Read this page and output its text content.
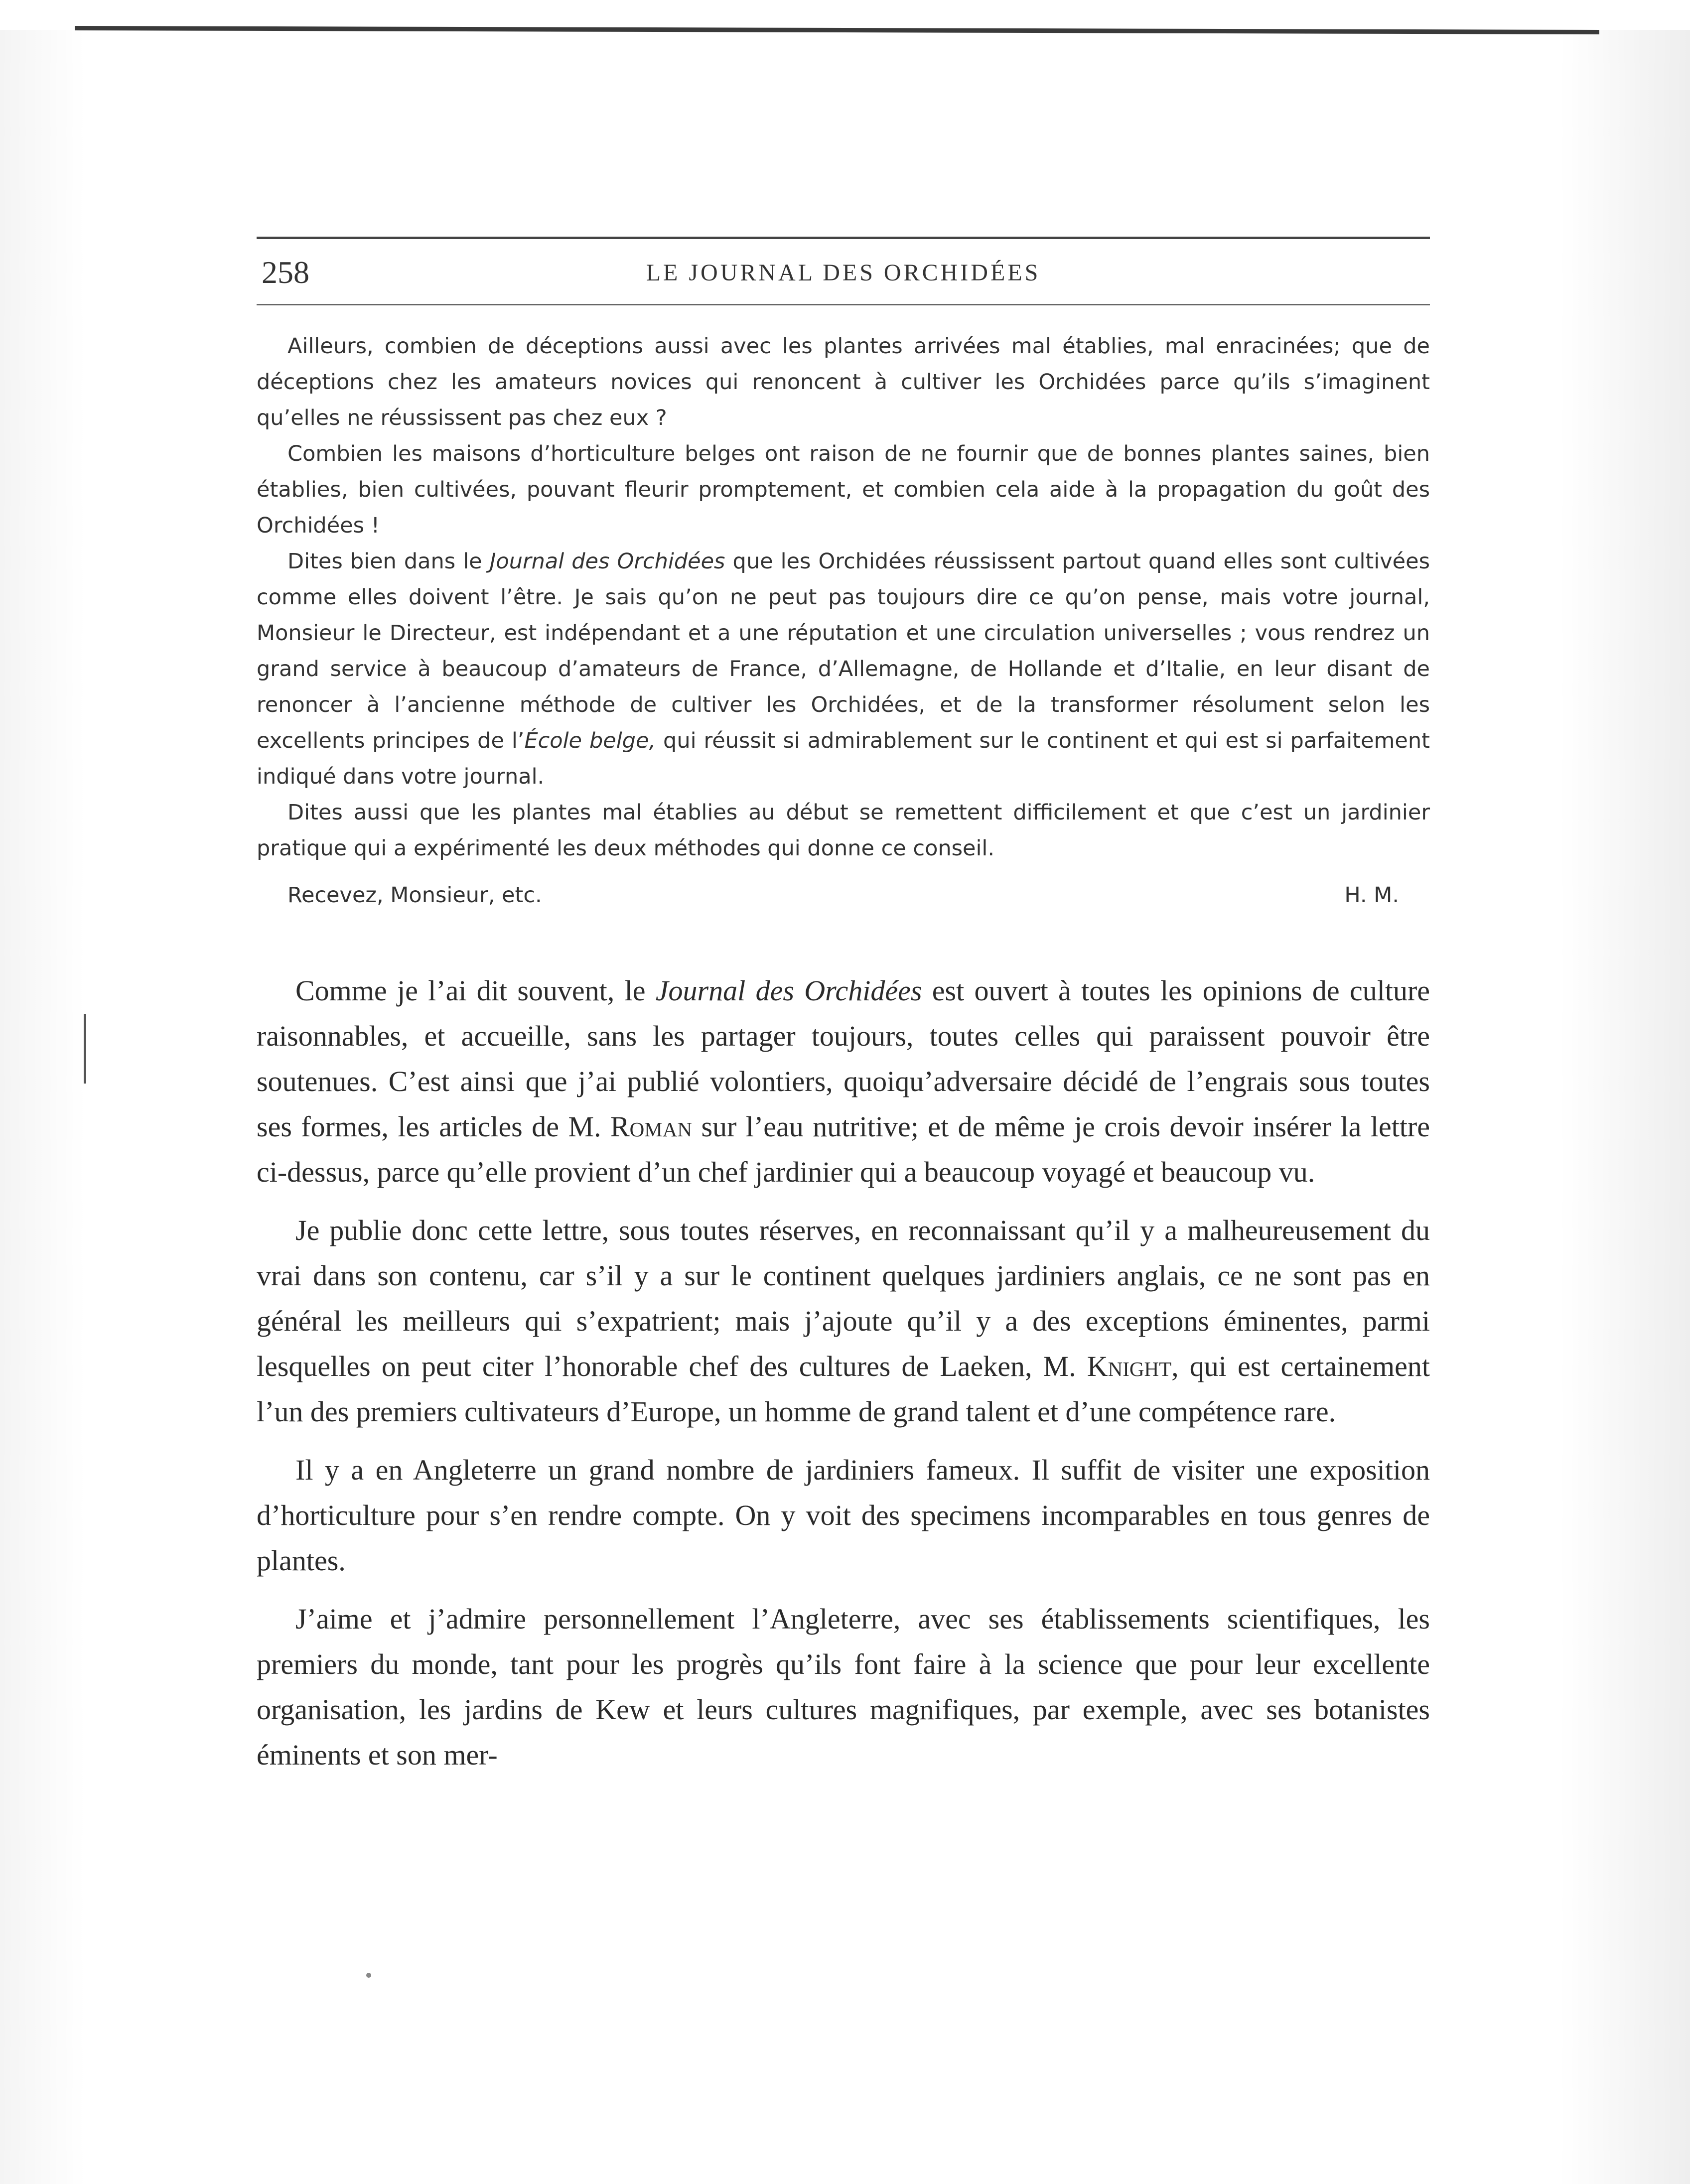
258	LE JOURNAL DES ORCHIDÉES

Ailleurs, combien de déceptions aussi avec les plantes arrivées mal établies, mal enracinées; que de déceptions chez les amateurs novices qui renoncent à cultiver les Orchidées parce qu’ils s’imaginent qu’elles ne réussissent pas chez eux ?

Combien les maisons d’horticulture belges ont raison de ne fournir que de bonnes plantes saines, bien établies, bien cultivées, pouvant fleurir promptement, et combien cela aide à la propagation du goût des Orchidées !

Dites bien dans le Journal des Orchidées que les Orchidées réussissent partout quand elles sont cultivées comme elles doivent l’être. Je sais qu’on ne peut pas toujours dire ce qu’on pense, mais votre journal, Monsieur le Directeur, est indépendant et a une réputation et une circulation universelles ; vous rendrez un grand service à beaucoup d’amateurs de France, d’Allemagne, de Hollande et d’Italie, en leur disant de renoncer à l’ancienne méthode de cultiver les Orchidées, et de la transformer résolument selon les excellents principes de l’École belge, qui réussit si admirablement sur le continent et qui est si parfaitement indiqué dans votre journal.

Dites aussi que les plantes mal établies au début se remettent difficilement et que c’est un jardinier pratique qui a expérimenté les deux méthodes qui donne ce conseil.

Recevez, Monsieur, etc.	H. M.

Comme je l’ai dit souvent, le Journal des Orchidées est ouvert à toutes les opinions de culture raisonnables, et accueille, sans les partager toujours, toutes celles qui paraissent pouvoir être soutenues. C’est ainsi que j’ai publié volontiers, quoiqu’adversaire décidé de l’engrais sous toutes ses formes, les articles de M. Roman sur l’eau nutritive; et de même je crois devoir insérer la lettre ci-dessus, parce qu’elle provient d’un chef jardinier qui a beaucoup voyagé et beaucoup vu.

Je publie donc cette lettre, sous toutes réserves, en reconnaissant qu’il y a malheureusement du vrai dans son contenu, car s’il y a sur le continent quelques jardiniers anglais, ce ne sont pas en général les meilleurs qui s’expatrient; mais j’ajoute qu’il y a des exceptions éminentes, parmi lesquelles on peut citer l’honorable chef des cultures de Laeken, M. Knight, qui est certainement l’un des premiers cultivateurs d’Europe, un homme de grand talent et d’une compétence rare.

Il y a en Angleterre un grand nombre de jardiniers fameux. Il suffit de visiter une exposition d’horticulture pour s’en rendre compte. On y voit des specimens incomparables en tous genres de plantes.

J’aime et j’admire personnellement l’Angleterre, avec ses établissements scientifiques, les premiers du monde, tant pour les progrès qu’ils font faire à la science que pour leur excellente organisation, les jardins de Kew et leurs cultures magnifiques, par exemple, avec ses botanistes éminents et son mer-
